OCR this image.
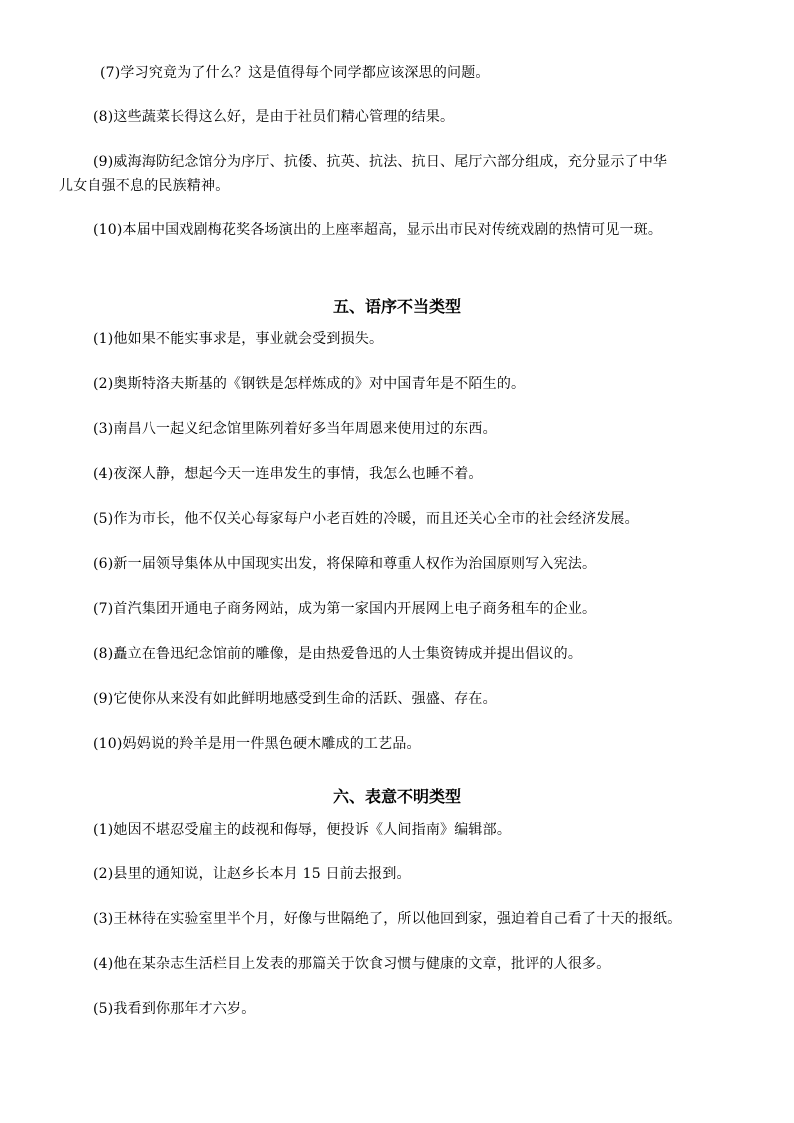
(7)学习究竟为了什么？这是值得每个同学都应该深思的问题。
(8)这些蔬菜长得这么好，是由于社员们精心管理的结果。
(9)威海海防纪念馆分为序厅、抗倭、抗英、抗法、抗日、尾厅六部分组成，充分显示了中华
儿女自强不息的民族精神。
(10)本届中国戏剧梅花奖各场演出的上座率超高，显示出市民对传统戏剧的热情可见一斑。
五、语序不当类型
(1)他如果不能实事求是，事业就会受到损失。
(2)奥斯特洛夫斯基的《钢铁是怎样炼成的》对中国青年是不陌生的。
(3)南昌八一起义纪念馆里陈列着好多当年周恩来使用过的东西。
(4)夜深人静，想起今天一连串发生的事情，我怎么也睡不着。
(5)作为市长，他不仅关心每家每户小老百姓的冷暖，而且还关心全市的社会经济发展。
(6)新一届领导集体从中国现实出发，将保障和尊重人权作为治国原则写入宪法。
(7)首汽集团开通电子商务网站，成为第一家国内开展网上电子商务租车的企业。
(8)矗立在鲁迅纪念馆前的雕像，是由热爱鲁迅的人士集资铸成并提出倡议的。
(9)它使你从来没有如此鲜明地感受到生命的活跃、强盛、存在。
(10)妈妈说的羚羊是用一件黑色硬木雕成的工艺品。
六、表意不明类型
(1)她因不堪忍受雇主的歧视和侮辱，便投诉《人间指南》编辑部。
(2)县里的通知说，让赵乡长本月 15 日前去报到。
(3)王林待在实验室里半个月，好像与世隔绝了，所以他回到家，强迫着自己看了十天的报纸。
(4)他在某杂志生活栏目上发表的那篇关于饮食习惯与健康的文章，批评的人很多。
(5)我看到你那年才六岁。
